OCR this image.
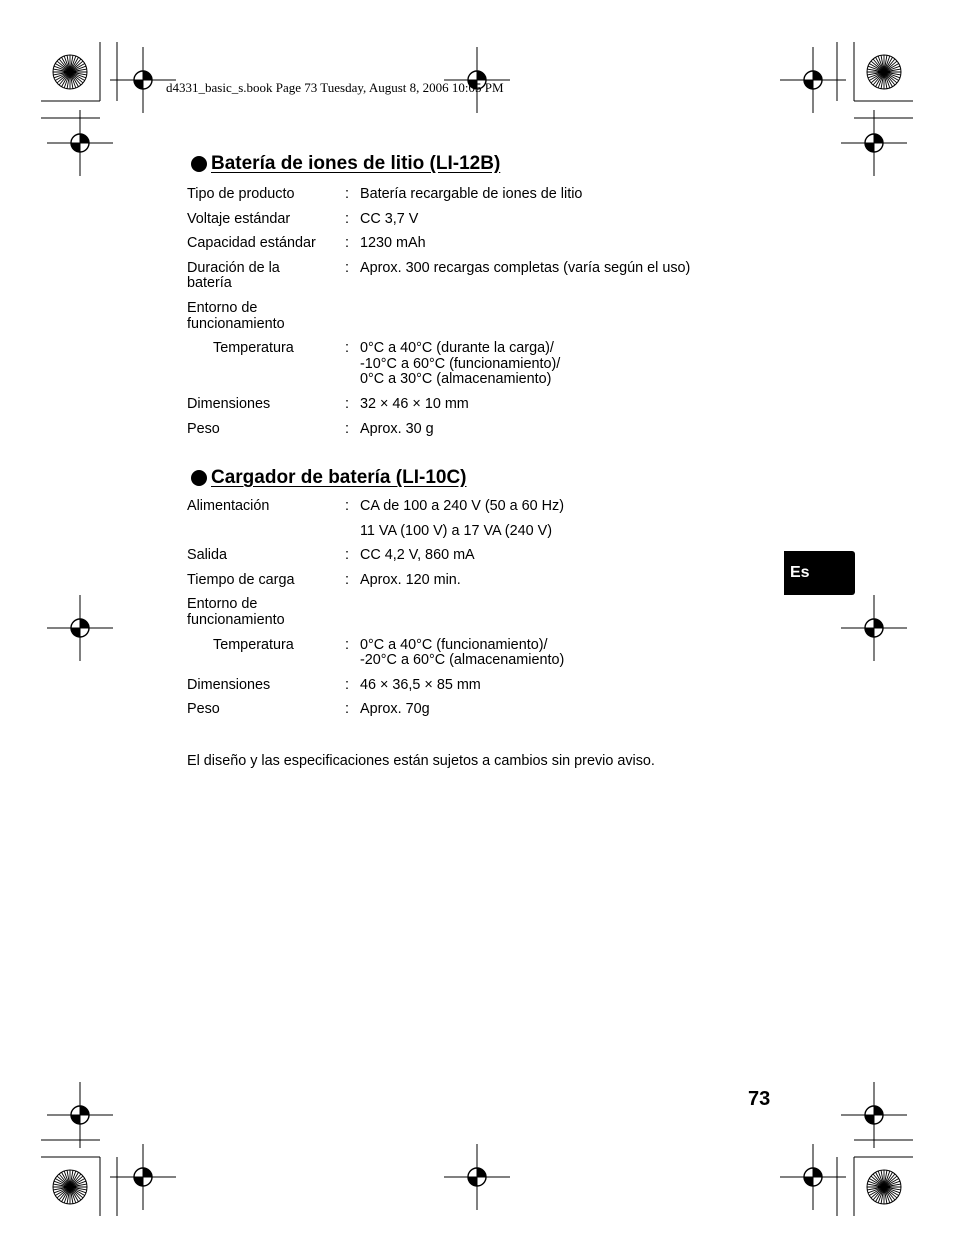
d4331_basic_s.book Page 73 Tuesday, August 8, 2006 10:05 PM
Batería de iones de litio (LI-12B)
Tipo de producto	: Batería recargable de iones de litio
Voltaje estándar	: CC 3,7 V
Capacidad estándar	: 1230 mAh
Duración de la
batería
: Aprox. 300 recargas completas (varía según el uso)
Entorno de
funcionamiento
Temperatura	: 0°C a 40°C (durante la carga)/
-10°C a 60°C (funcionamiento)/
0°C a 30°C (almacenamiento)
Dimensiones	: 32 × 46 × 10 mm
Peso	: Aprox. 30 g
Cargador de batería (LI-10C)
Alimentación	: CA de 100 a 240 V (50 a 60 Hz)
11 VA (100 V) a 17 VA (240 V)
Salida	: CC 4,2 V, 860 mA
Tiempo de carga	: Aprox. 120 min.
Entorno de
funcionamiento
Temperatura	: 0°C a 40°C (funcionamiento)/
-20°C a 60°C (almacenamiento)
Dimensiones	: 46 × 36,5 × 85 mm
Peso	: Aprox. 70g
El diseño y las especificaciones están sujetos a cambios sin previo aviso.
Es
73
